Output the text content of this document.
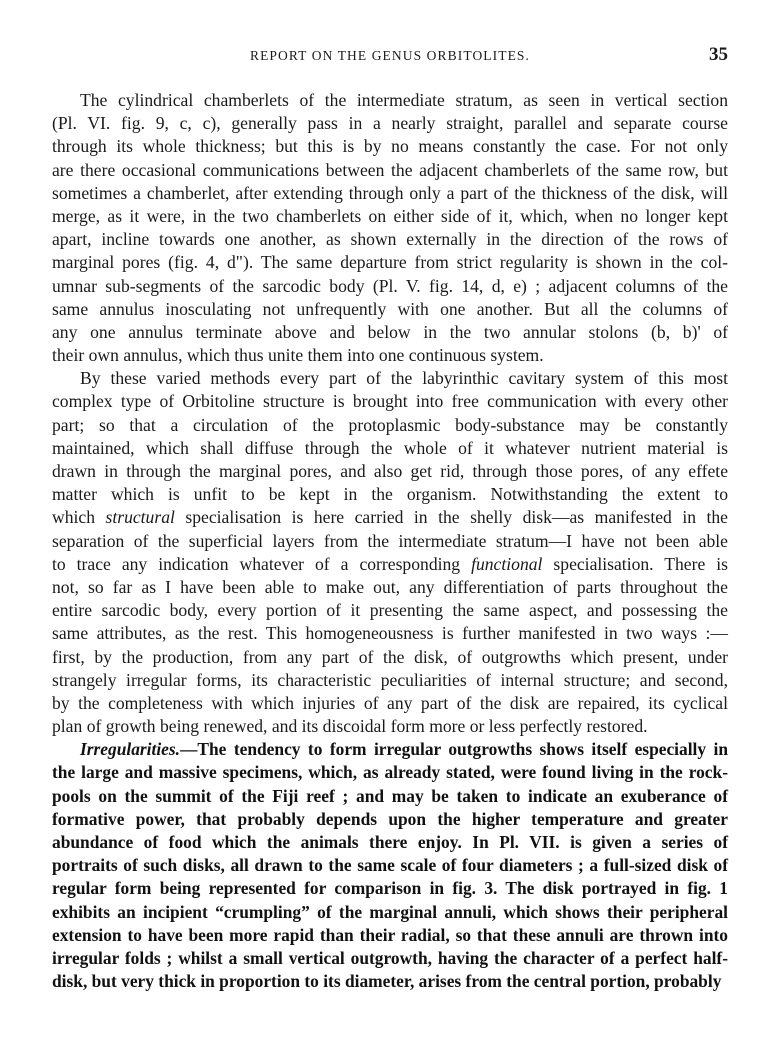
REPORT ON THE GENUS ORBITOLITES.	35
The cylindrical chamberlets of the intermediate stratum, as seen in vertical section
(Pl. VI. fig. 9, c, c), generally pass in a nearly straight, parallel and separate course
through its whole thickness; but this is by no means constantly the case. For not only
are there occasional communications between the adjacent chamberlets of the same row, but
sometimes a chamberlet, after extending through only a part of the thickness of the disk, will
merge, as it were, in the two chamberlets on either side of it, which, when no longer kept
apart, incline towards one another, as shown externally in the direction of the rows of
marginal pores (fig. 4, d"). The same departure from strict regularity is shown in the col-
umnar sub-segments of the sarcodic body (Pl. V. fig. 14, d, e) ; adjacent columns of the
same annulus inosculating not unfrequently with one another. But all the columns of
any one annulus terminate above and below in the two annular stolons (b, b)' of
their own annulus, which thus unite them into one continuous system.
By these varied methods every part of the labyrinthic cavitary system of this most
complex type of Orbitoline structure is brought into free communication with every other
part; so that a circulation of the protoplasmic body-substance may be constantly
maintained, which shall diffuse through the whole of it whatever nutrient material is
drawn in through the marginal pores, and also get rid, through those pores, of any effete
matter which is unfit to be kept in the organism. Notwithstanding the extent to
which structural specialisation is here carried in the shelly disk—as manifested in the
separation of the superficial layers from the intermediate stratum—I have not been able
to trace any indication whatever of a corresponding functional specialisation. There is
not, so far as I have been able to make out, any differentiation of parts throughout the
entire sarcodic body, every portion of it presenting the same aspect, and possessing the
same attributes, as the rest. This homogeneousness is further manifested in two ways :—
first, by the production, from any part of the disk, of outgrowths which present, under
strangely irregular forms, its characteristic peculiarities of internal structure; and second,
by the completeness with which injuries of any part of the disk are repaired, its cyclical
plan of growth being renewed, and its discoidal form more or less perfectly restored.
Irregularities.—The tendency to form irregular outgrowths shows itself especially in
the large and massive specimens, which, as already stated, were found living in the rock-
pools on the summit of the Fiji reef ; and may be taken to indicate an exuberance of
formative power, that probably depends upon the higher temperature and greater
abundance of food which the animals there enjoy. In Pl. VII. is given a series of
portraits of such disks, all drawn to the same scale of four diameters ; a full-sized disk of
regular form being represented for comparison in fig. 3. The disk portrayed in fig. 1
exhibits an incipient “crumpling” of the marginal annuli, which shows their peripheral
extension to have been more rapid than their radial, so that these annuli are thrown into
irregular folds ; whilst a small vertical outgrowth, having the character of a perfect half-
disk, but very thick in proportion to its diameter, arises from the central portion, probably
